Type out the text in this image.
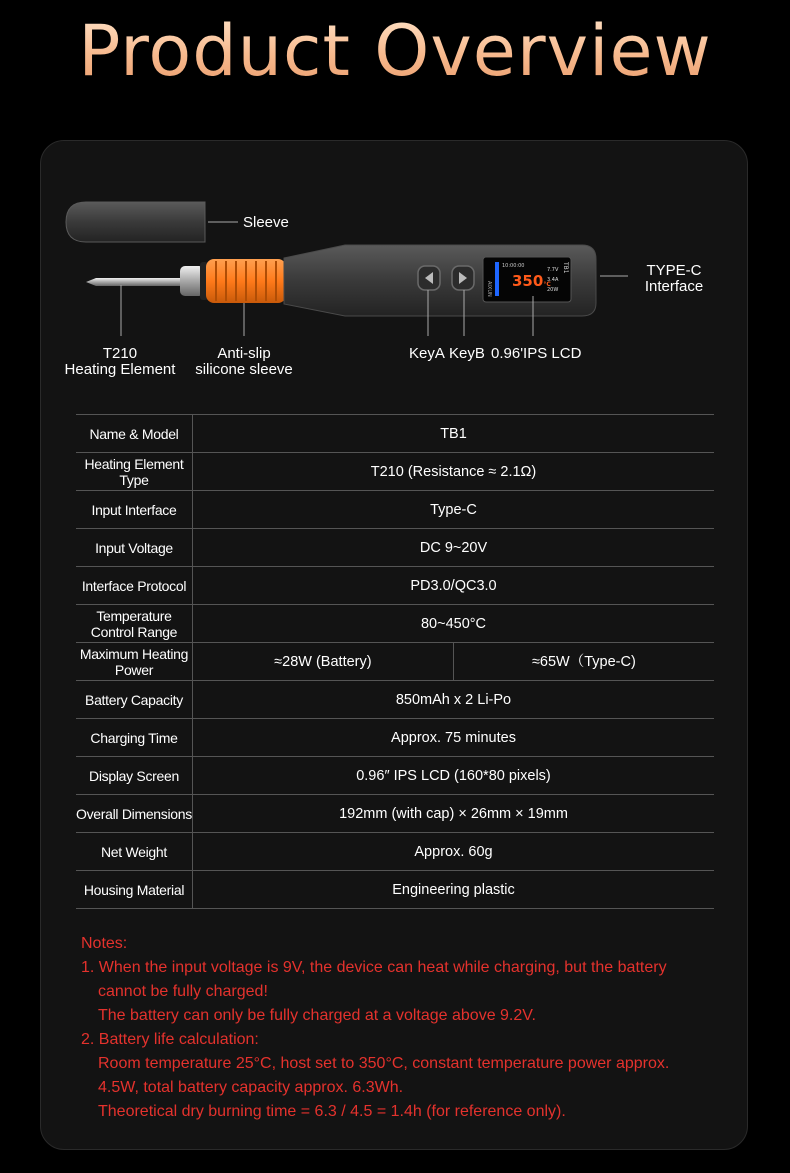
Product Overview
AIXUN
10:00:00
350°C
7.7V
3.4A
20W
TB1
Sleeve
TYPE-C
Interface
T210
Heating Element
Anti-slip
silicone sleeve
KeyA KeyB 0.96'IPS LCD
Name & Model	TB1	
Heating Element Type	T210 (Resistance ≈ 2.1Ω)	
Input Interface	Type-C	
Input Voltage	DC 9~20V	
Interface Protocol	PD3.0/QC3.0	
Temperature Control Range	80~450°C	
Maximum Heating Power	≈28W (Battery)	≈65W（Type-C)
Battery Capacity	850mAh x 2 Li-Po	
Charging Time	Approx. 75 minutes	
Display Screen	0.96″ IPS LCD (160*80 pixels)	
Overall Dimensions	192mm (with cap) × 26mm × 19mm	
Net Weight	Approx. 60g	
Housing Material	Engineering plastic	
Notes:
1. When the input voltage is 9V, the device can heat while charging, but the battery
cannot be fully charged!
The battery can only be fully charged at a voltage above 9.2V.
2. Battery life calculation:
Room temperature 25°C, host set to 350°C, constant temperature power approx.
4.5W, total battery capacity approx. 6.3Wh.
Theoretical dry burning time = 6.3 / 4.5 = 1.4h (for reference only).
